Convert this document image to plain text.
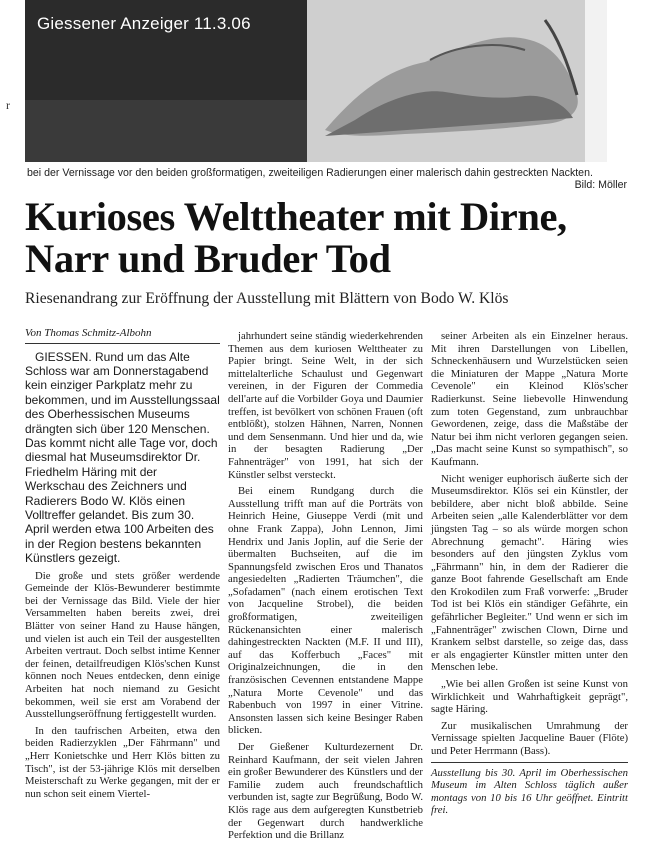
Giessener Anzeiger 11.3.06
r
bei der Vernissage vor den beiden großformatigen, zweiteiligen Radierungen einer malerisch dahin gestreckten Nackten.
Bild: Möller
Kurioses Welttheater mit Dirne, Narr und Bruder Tod
Riesenandrang zur Eröffnung der Ausstellung mit Blättern von Bodo W. Klös
Von Thomas Schmitz-Albohn

GIESSEN. Rund um das Alte Schloss war am Donnerstagabend kein einziger Parkplatz mehr zu bekommen, und im Ausstellungssaal des Oberhessischen Museums drängten sich über 120 Menschen. Das kommt nicht alle Tage vor, doch diesmal hat Museumsdirektor Dr. Friedhelm Häring mit der Werkschau des Zeichners und Radierers Bodo W. Klös einen Volltreffer gelandet. Bis zum 30. April werden etwa 100 Arbeiten des in der Region bestens bekannten Künstlers gezeigt.

Die große und stets größer werdende Gemeinde der Klös-Bewunderer bestimmte bei der Vernissage das Bild. Viele der hier Versammelten haben bereits zwei, drei Blätter von seiner Hand zu Hause hängen, und vielen ist auch ein Teil der ausgestellten Arbeiten vertraut. Doch selbst intime Kenner der feinen, detailfreudigen Klös'schen Kunst können noch Neues entdecken, denn einige Arbeiten hat noch niemand zu Gesicht bekommen, weil sie erst am Vorabend der Ausstellungseröffnung fertiggestellt wurden.

In den taufrischen Arbeiten, etwa den beiden Radierzyklen „Der Fährmann" und „Herr Konietschke und Herr Klös bitten zu Tisch", ist der 53-jährige Klös mit derselben Meisterschaft zu Werke gegangen, mit der er nun schon seit einem Viertel-

jahrhundert seine ständig wiederkehrenden Themen aus dem kuriosen Welttheater zu Papier bringt. Seine Welt, in der sich mittelalterliche Schaulust und Gegenwart vereinen, in der Figuren der Commedia dell'arte auf die Vorbilder Goya und Daumier treffen, ist bevölkert von schönen Frauen (oft entblößt), stolzen Hähnen, Narren, Nonnen und dem Sensenmann. Und hier und da, wie in der besagten Radierung „Der Fahnenträger" von 1991, hat sich der Künstler selbst versteckt.

Bei einem Rundgang durch die Ausstellung trifft man auf die Porträts von Heinrich Heine, Giuseppe Verdi (mit und ohne Frank Zappa), John Lennon, Jimi Hendrix und Janis Joplin, auf die Serie der übermalten Buchseiten, auf die im Spannungsfeld zwischen Eros und Thanatos angesiedelten „Radierten Träumchen", die „Sofadamen" (nach einem erotischen Text von Jacqueline Strobel), die beiden großformatigen, zweiteiligen Rückenansichten einer malerisch dahingestreckten Nackten (M.F. II und III), auf das Kofferbuch „Faces" mit Originalzeichnungen, die in den französischen Cevennen entstandene Mappe „Natura Morte Cevenole" und das Rabenbuch von 1997 in einer Vitrine. Ansonsten lassen sich keine Besinger Raben blicken.

Der Gießener Kulturdezernent Dr. Reinhard Kaufmann, der seit vielen Jahren ein großer Bewunderer des Künstlers und der Familie zudem auch freundschaftlich verbunden ist, sagte zur Begrüßung, Bodo W. Klös rage aus dem aufgeregten Kunstbetrieb der Gegenwart durch handwerkliche Perfektion und die Brillanz

seiner Arbeiten als ein Einzelner heraus. Mit ihren Darstellungen von Libellen, Schneckenhäusern und Wurzelstücken seien die Miniaturen der Mappe „Natura Morte Cevenole" ein Kleinod Klös'scher Radierkunst. Seine liebevolle Hinwendung zum toten Gegenstand, zum unbrauchbar Gewordenen, zeige, dass die Maßstäbe der Natur bei ihm nicht verloren gegangen seien. „Das macht seine Kunst so sympathisch", so Kaufmann.

Nicht weniger euphorisch äußerte sich der Museumsdirektor. Klös sei ein Künstler, der bebildere, aber nicht bloß abbilde. Seine Arbeiten seien „alle Kalenderblätter vor dem jüngsten Tag – so als würde morgen schon Abrechnung gemacht". Häring wies besonders auf den jüngsten Zyklus vom „Fährmann" hin, in dem der Radierer die ganze Boot fahrende Gesellschaft am Ende den Krokodilen zum Fraß vorwerfe: „Bruder Tod ist bei Klös ein ständiger Gefährte, ein gefährlicher Begleiter." Und wenn er sich im „Fahnenträger" zwischen Clown, Dirne und Krankem selbst darstelle, so zeige das, dass er als engagierter Künstler mitten unter den Menschen lebe.

„Wie bei allen Großen ist seine Kunst von Wirklichkeit und Wahrhaftigkeit geprägt", sagte Häring.

Zur musikalischen Umrahmung der Vernissage spielten Jacqueline Bauer (Flöte) und Peter Herrmann (Bass).

Ausstellung bis 30. April im Oberhessischen Museum im Alten Schloss täglich außer montags von 10 bis 16 Uhr geöffnet. Eintritt frei.
